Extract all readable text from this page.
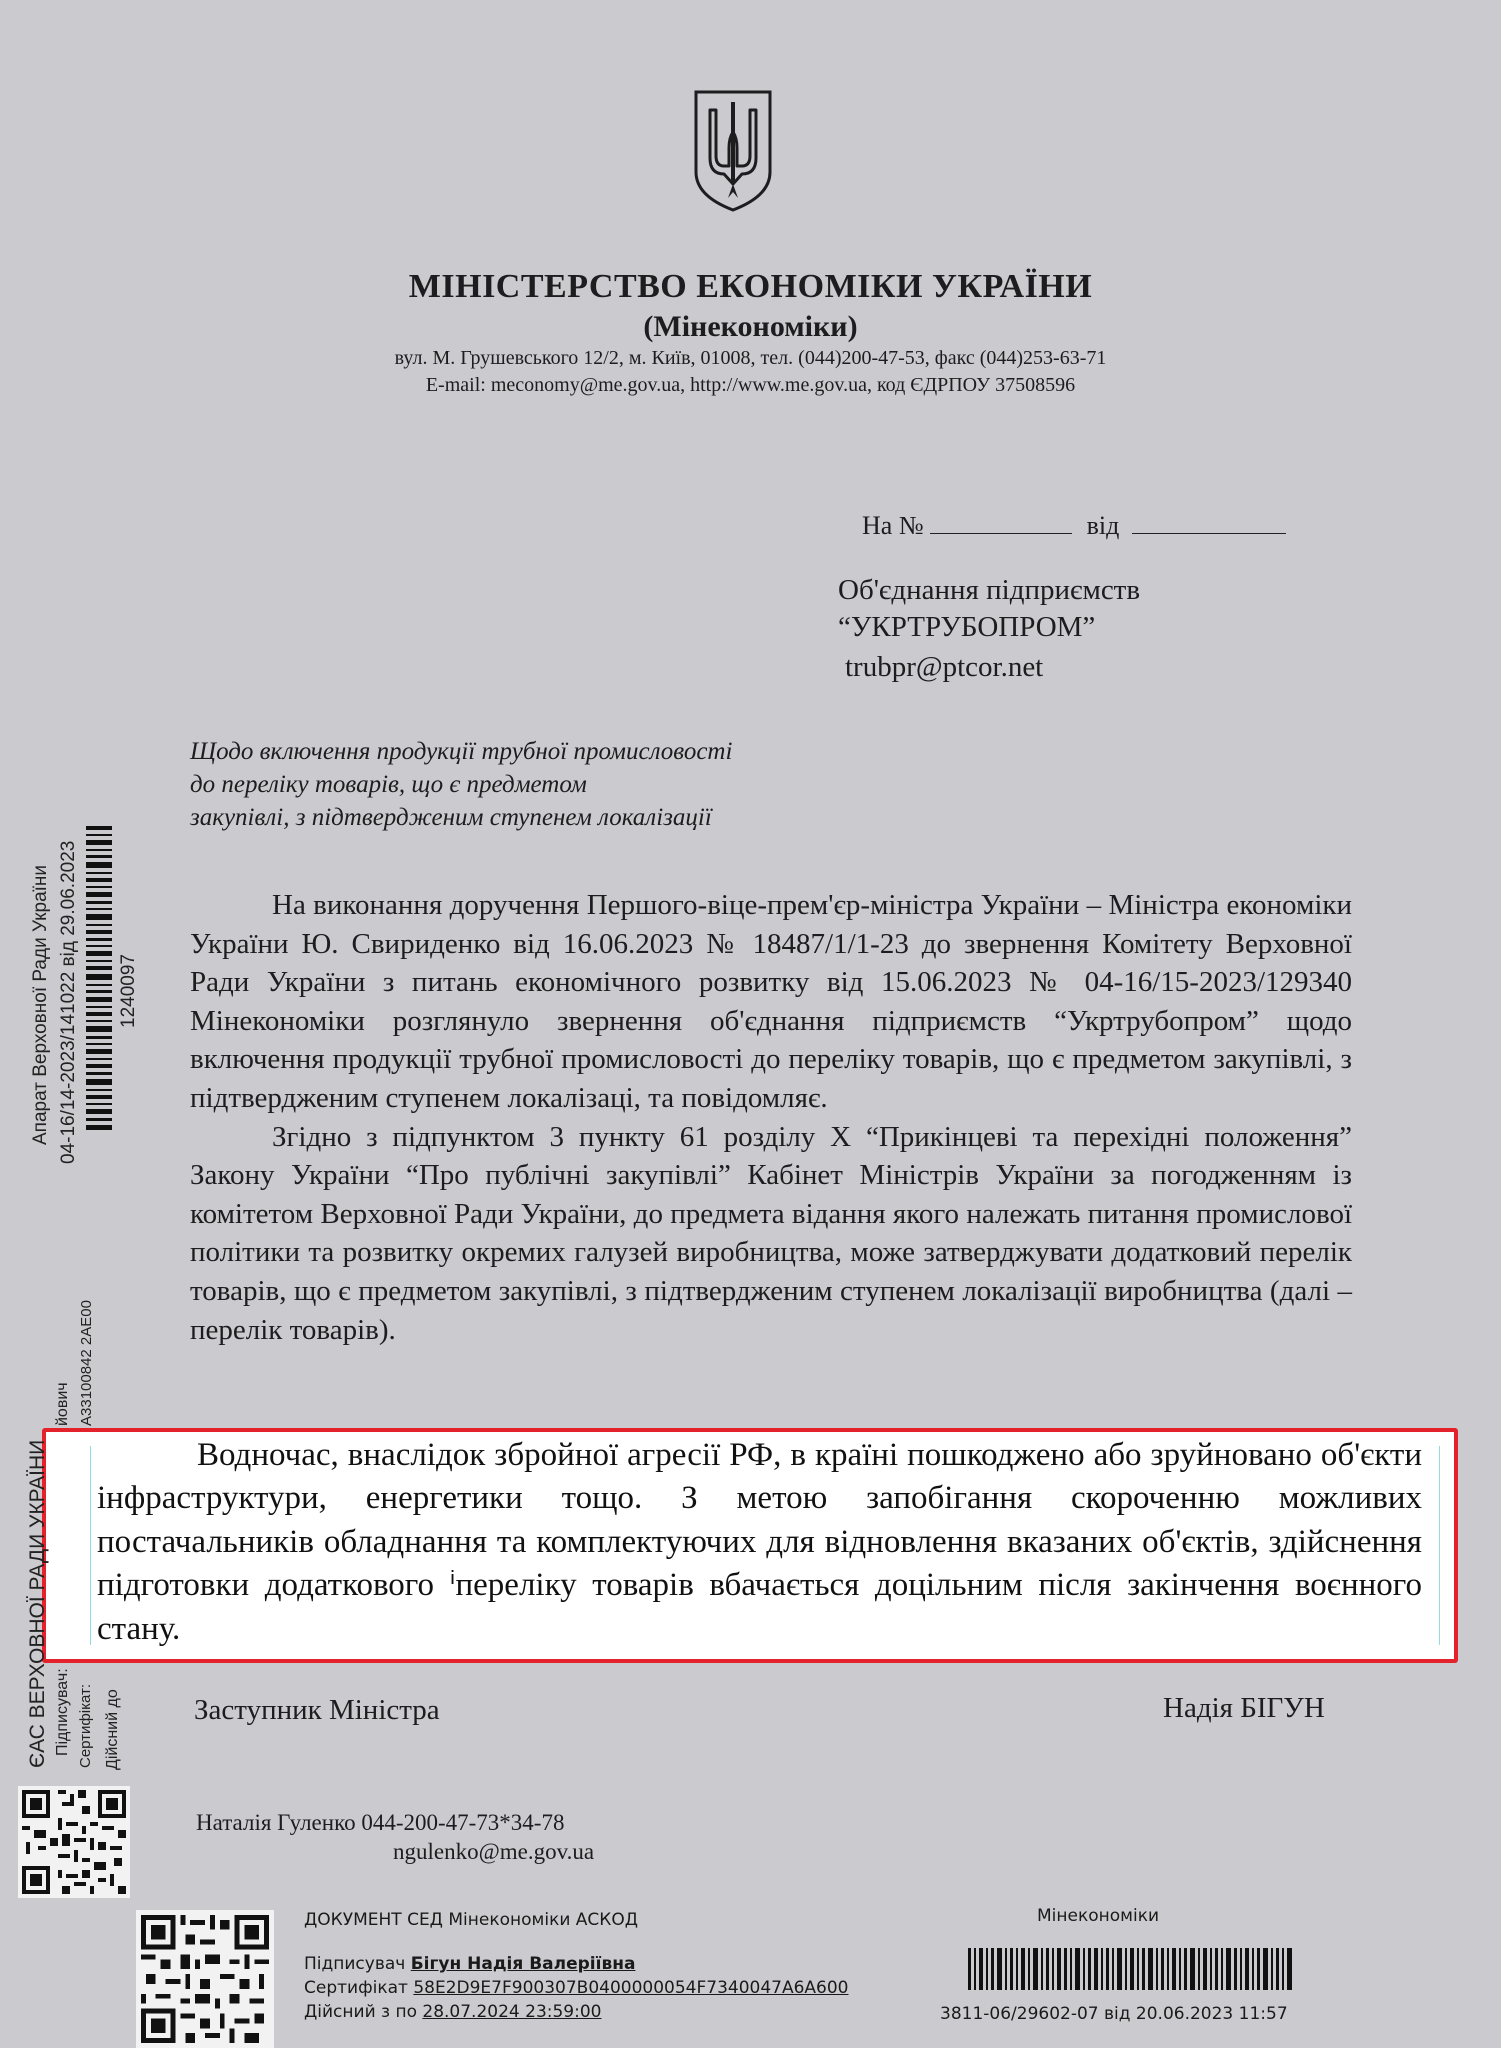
МІНІСТЕРСТВО ЕКОНОМІКИ УКРАЇНИ
(Мінекономіки)
вул. М. Грушевського 12/2, м. Київ, 01008, тел. (044)200-47-53, факс (044)253-63-71
E-mail: meconomy@me.gov.ua, http://www.me.gov.ua, код ЄДРПОУ 37508596
На №	від
Об'єднання підприємств
“УКРТРУБОПРОМ”
trubpr@ptcor.net
Щодо включення продукції трубної промисловості
до переліку товарів, що є предметом
закупівлі, з підтвердженим ступенем локалізації

На виконання доручення Першого-віце-прем'єр-міністра України – Міністра економіки України Ю. Свириденко від 16.06.2023 № 18487/1/1-23 до звернення Комітету Верховної Ради України з питань економічного розвитку від 15.06.2023 № 04-16/15-2023/129340 Мінекономіки розглянуло звернення об'єднання підприємств “Укртрубопром” щодо включення продукції трубної промисловості до переліку товарів, що є предметом закупівлі, з підтвердженим ступенем локалізаці, та повідомляє.

Згідно з підпунктом 3 пункту 61 розділу X “Прикінцеві та перехідні положення” Закону України “Про публічні закупівлі” Кабінет Міністрів України за погодженням із комітетом Верховної Ради України, до предмета відання якого належать питання промислової політики та розвитку окремих галузей виробництва, може затверджувати додатковий перелік товарів, що є предметом закупівлі, з підтвердженим ступенем локалізації виробництва (далі – перелік товарів).

Водночас, внаслідок збройної агресії РФ, в країні пошкоджено або зруйновано об'єкти інфраструктури, енергетики тощо. З метою запобігання скороченню можливих постачальників обладнання та комплектуючих для відновлення вказаних об'єктів, здійснення підготовки додаткового ⁱпереліку товарів вбачається доцільним після закінчення воєнного стану.

Заступник Міністра	Надія БІГУН
Наталія Гуленко 044-200-47-73*34-78
ngulenko@me.gov.ua
Апарат Верховної Ради України 04-16/14-2023/141022 від 29.06.2023 1240097
ЄАС ВЕРХОВНОЇ РАДИ УКРАЇНИ Підписувач: Сертифікат: Дійсний до
йович A33100842 2AE00
ДОКУМЕНТ СЕД Мінекономіки АСКОД
Підписувач Бігун Надія Валеріївна
Сертифікат 58E2D9E7F900307B0400000054F7340047A6A600
Дійсний з по 28.07.2024 23:59:00
Мінекономіки
3811-06/29602-07 від 20.06.2023 11:57
